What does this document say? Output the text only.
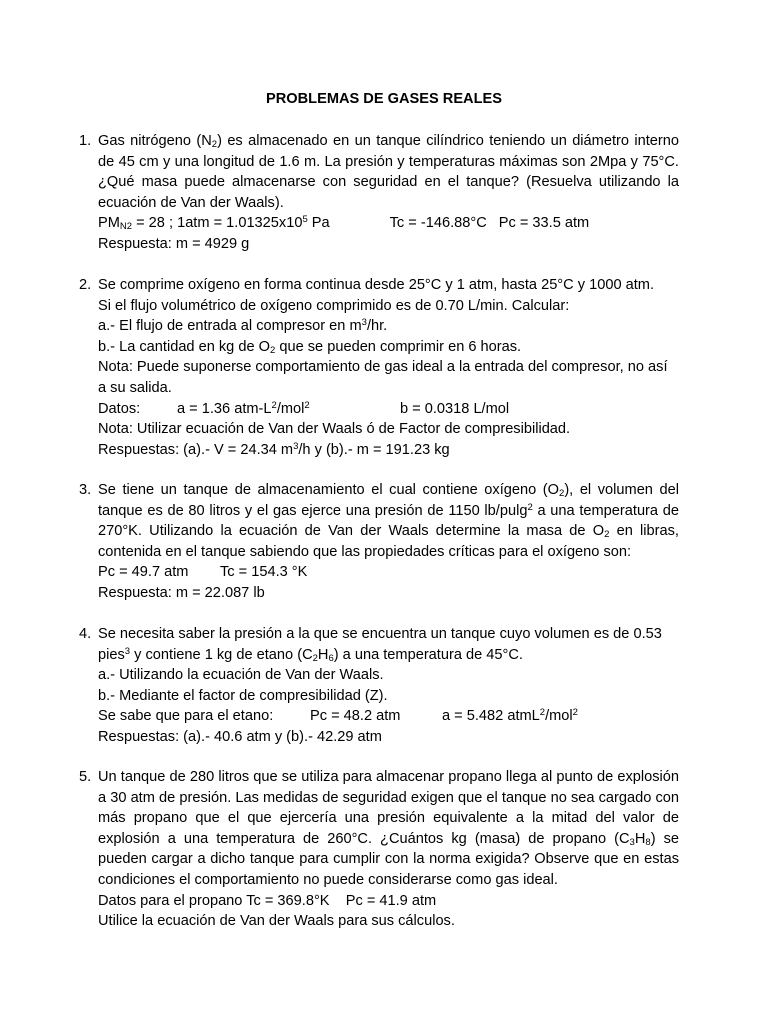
PROBLEMAS DE GASES REALES
1. Gas nitrógeno $(N_2)$ es almacenado en un tanque cilíndrico teniendo un diámetro interno de 45 cm y una longitud de 1.6 m. La presión y temperaturas máximas son 2Mpa y 75°C. ¿Qué masa puede almacenarse con seguridad en el tanque? (Resuelva utilizando la ecuación de Van der Waals).
$PM_{N2} = 28$ ; $1atm = 1.01325x10^5$ Pa	Tc = -146.88°C Pc = 33.5 atm
Respuesta: m = 4929 g
2. Se comprime oxígeno en forma continua desde 25°C y 1 atm, hasta 25°C y 1000 atm.
Si el flujo volumétrico de oxígeno comprimido es de 0.70 L/min. Calcular:
a.- El flujo de entrada al compresor en $m^3/hr$.
b.- La cantidad en kg de $O_2$ que se pueden comprimir en 6 horas.
Nota: Puede suponerse comportamiento de gas ideal a la entrada del compresor, no así a su salida.
Datos:	a = 1.36 atm-$L^2/mol^2$	b = 0.0318 L/mol
Nota: Utilizar ecuación de Van der Waals ó de Factor de compresibilidad.
Respuestas: (a).- V = 24.34 $m^3/h$ y (b).- m = 191.23 kg
3. Se tiene un tanque de almacenamiento el cual contiene oxígeno $(O_2)$, el volumen del tanque es de 80 litros y el gas ejerce una presión de 1150 lb/pulg$^2$ a una temperatura de 270°K. Utilizando la ecuación de Van der Waals determine la masa de $O_2$ en libras, contenida en el tanque sabiendo que las propiedades críticas para el oxígeno son:
Pc = 49.7 atm Tc = 154.3 °K
Respuesta: m = 22.087 lb
4. Se necesita saber la presión a la que se encuentra un tanque cuyo volumen es de 0.53 pies$^3$ y contiene 1 kg de etano $(C_2H_6)$ a una temperatura de 45°C.
a.- Utilizando la ecuación de Van der Waals.
b.- Mediante el factor de compresibilidad (Z).
Se sabe que para el etano:	Pc = 48.2 atm	a = 5.482 atmL$^2$/mol$^2$
Respuestas: (a).- 40.6 atm y (b).- 42.29 atm
5. Un tanque de 280 litros que se utiliza para almacenar propano llega al punto de explosión a 30 atm de presión. Las medidas de seguridad exigen que el tanque no sea cargado con más propano que el que ejercería una presión equivalente a la mitad del valor de explosión a una temperatura de 260°C. ¿Cuántos kg (masa) de propano $(C_3H_8)$ se pueden cargar a dicho tanque para cumplir con la norma exigida? Observe que en estas condiciones el comportamiento no puede considerarse como gas ideal.
Datos para el propano Tc = 369.8°K    Pc = 41.9 atm
Utilice la ecuación de Van der Waals para sus cálculos.
